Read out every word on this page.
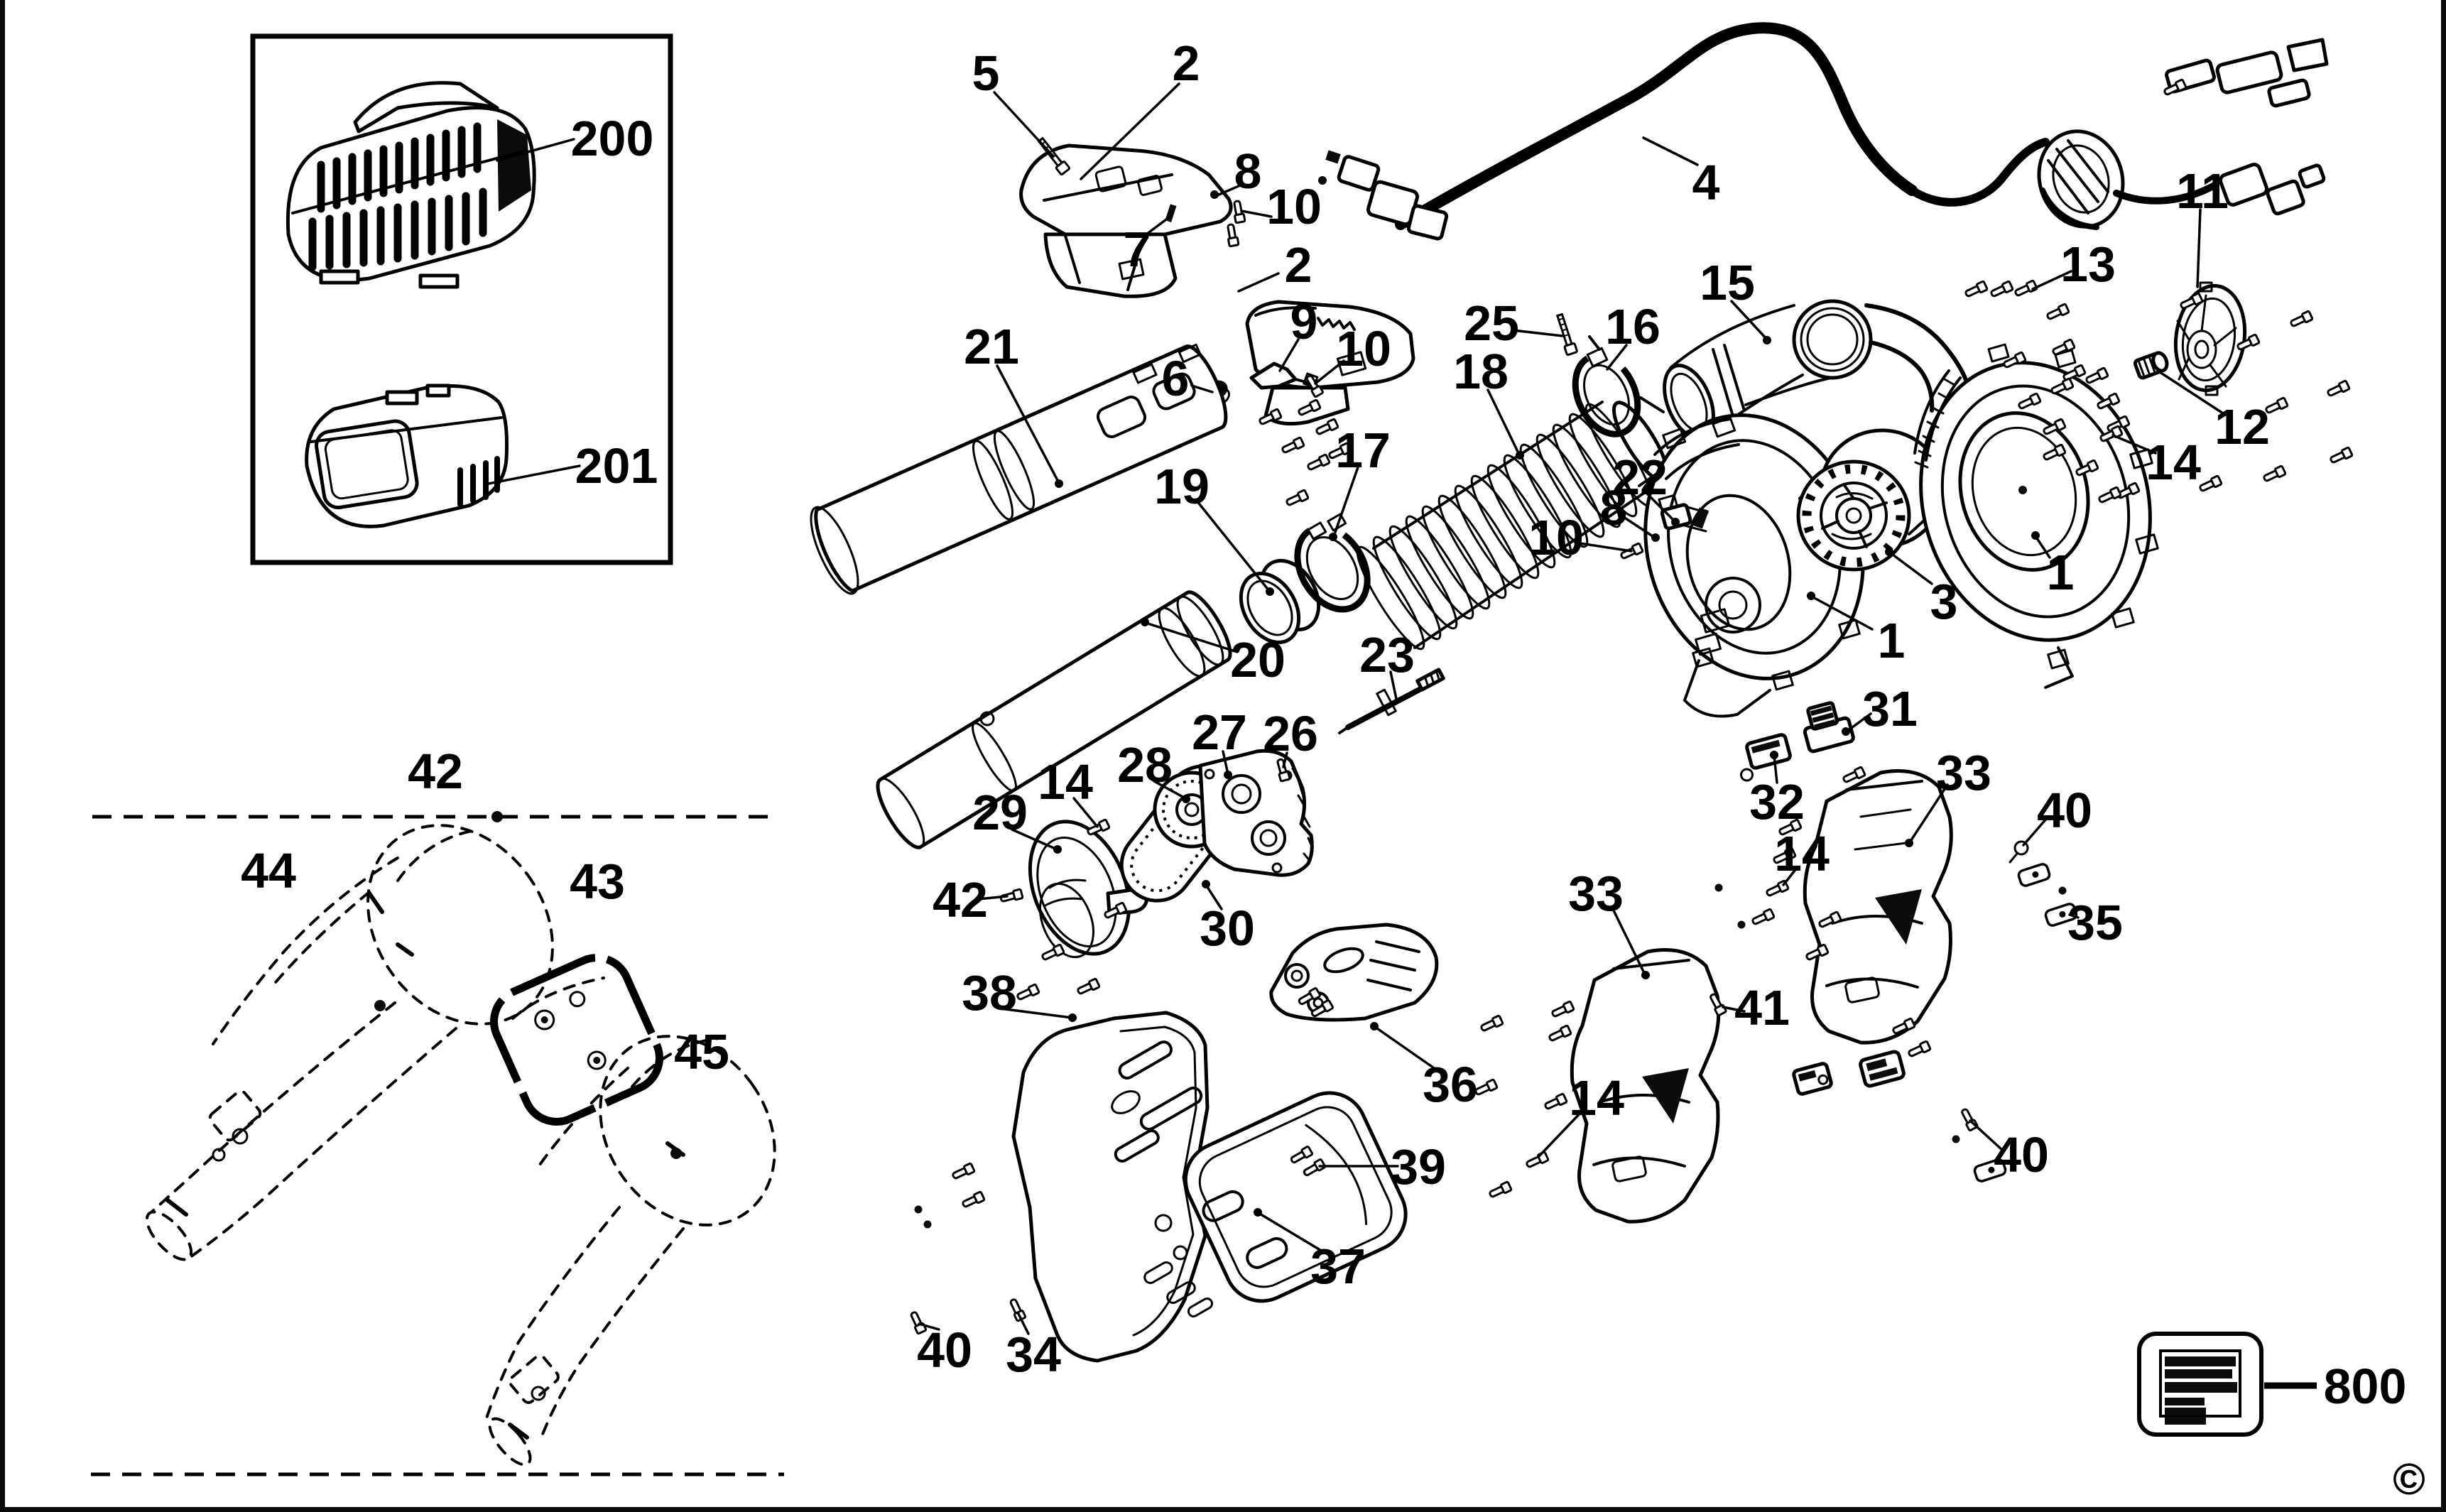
5	2
8
10
7	2
9 10
6
21
4
25 16
15	13
11
18
17
19	22
8
10
20 23
12
14
1
3
1
31
32
33
14
33
40
35
41
27 26
28
14
29
42
30
38
36 14
39
37
40
34
40
42
44	43
45
200
201
800
©
